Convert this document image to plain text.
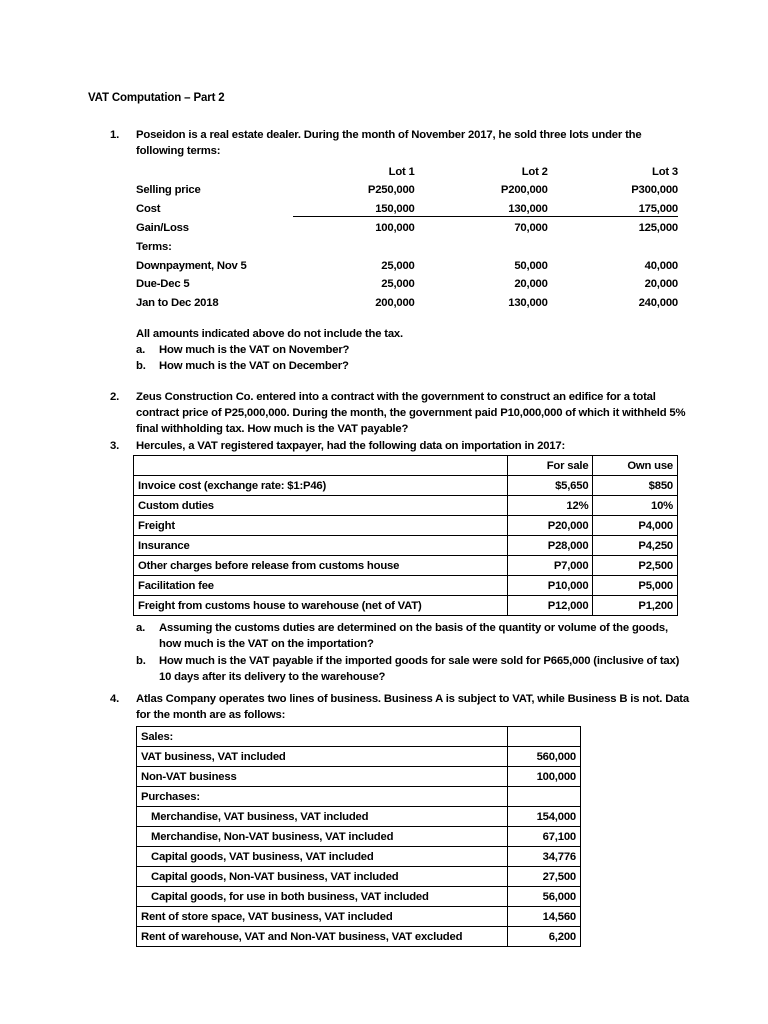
VAT Computation – Part 2
1.	Poseidon is a real estate dealer. During the month of November 2017, he sold three lots under the following terms:
	Lot 1	Lot 2	Lot 3
Selling price	P250,000	P200,000	P300,000
Cost	150,000	130,000	175,000
Gain/Loss	100,000	70,000	125,000
Terms:			
Downpayment, Nov 5	25,000	50,000	40,000
Due-Dec 5	25,000	20,000	20,000
Jan to Dec 2018	200,000	130,000	240,000
All amounts indicated above do not include the tax.
a.	How much is the VAT on November?
b.	How much is the VAT on December?
2.	Zeus Construction Co. entered into a contract with the government to construct an edifice for a total contract price of P25,000,000. During the month, the government paid P10,000,000 of which it withheld 5% final withholding tax. How much is the VAT payable?
3.	Hercules, a VAT registered taxpayer, had the following data on importation in 2017:
	For sale	Own use
Invoice cost (exchange rate: $1:P46)	$5,650	$850
Custom duties	12%	10%
Freight	P20,000	P4,000
Insurance	P28,000	P4,250
Other charges before release from customs house	P7,000	P2,500
Facilitation fee	P10,000	P5,000
Freight from customs house to warehouse (net of VAT)	P12,000	P1,200
a.	Assuming the customs duties are determined on the basis of the quantity or volume of the goods, how much is the VAT on the importation?
b.	How much is the VAT payable if the imported goods for sale were sold for P665,000 (inclusive of tax) 10 days after its delivery to the warehouse?
4.	Atlas Company operates two lines of business. Business A is subject to VAT, while Business B is not. Data for the month are as follows:
Sales:	
VAT business, VAT included	560,000
Non-VAT business	100,000
Purchases:	
Merchandise, VAT business, VAT included	154,000
Merchandise, Non-VAT business, VAT included	67,100
Capital goods, VAT business, VAT included	34,776
Capital goods, Non-VAT business, VAT included	27,500
Capital goods, for use in both business, VAT included	56,000
Rent of store space, VAT business, VAT included	14,560
Rent of warehouse, VAT and Non-VAT business, VAT excluded	6,200
